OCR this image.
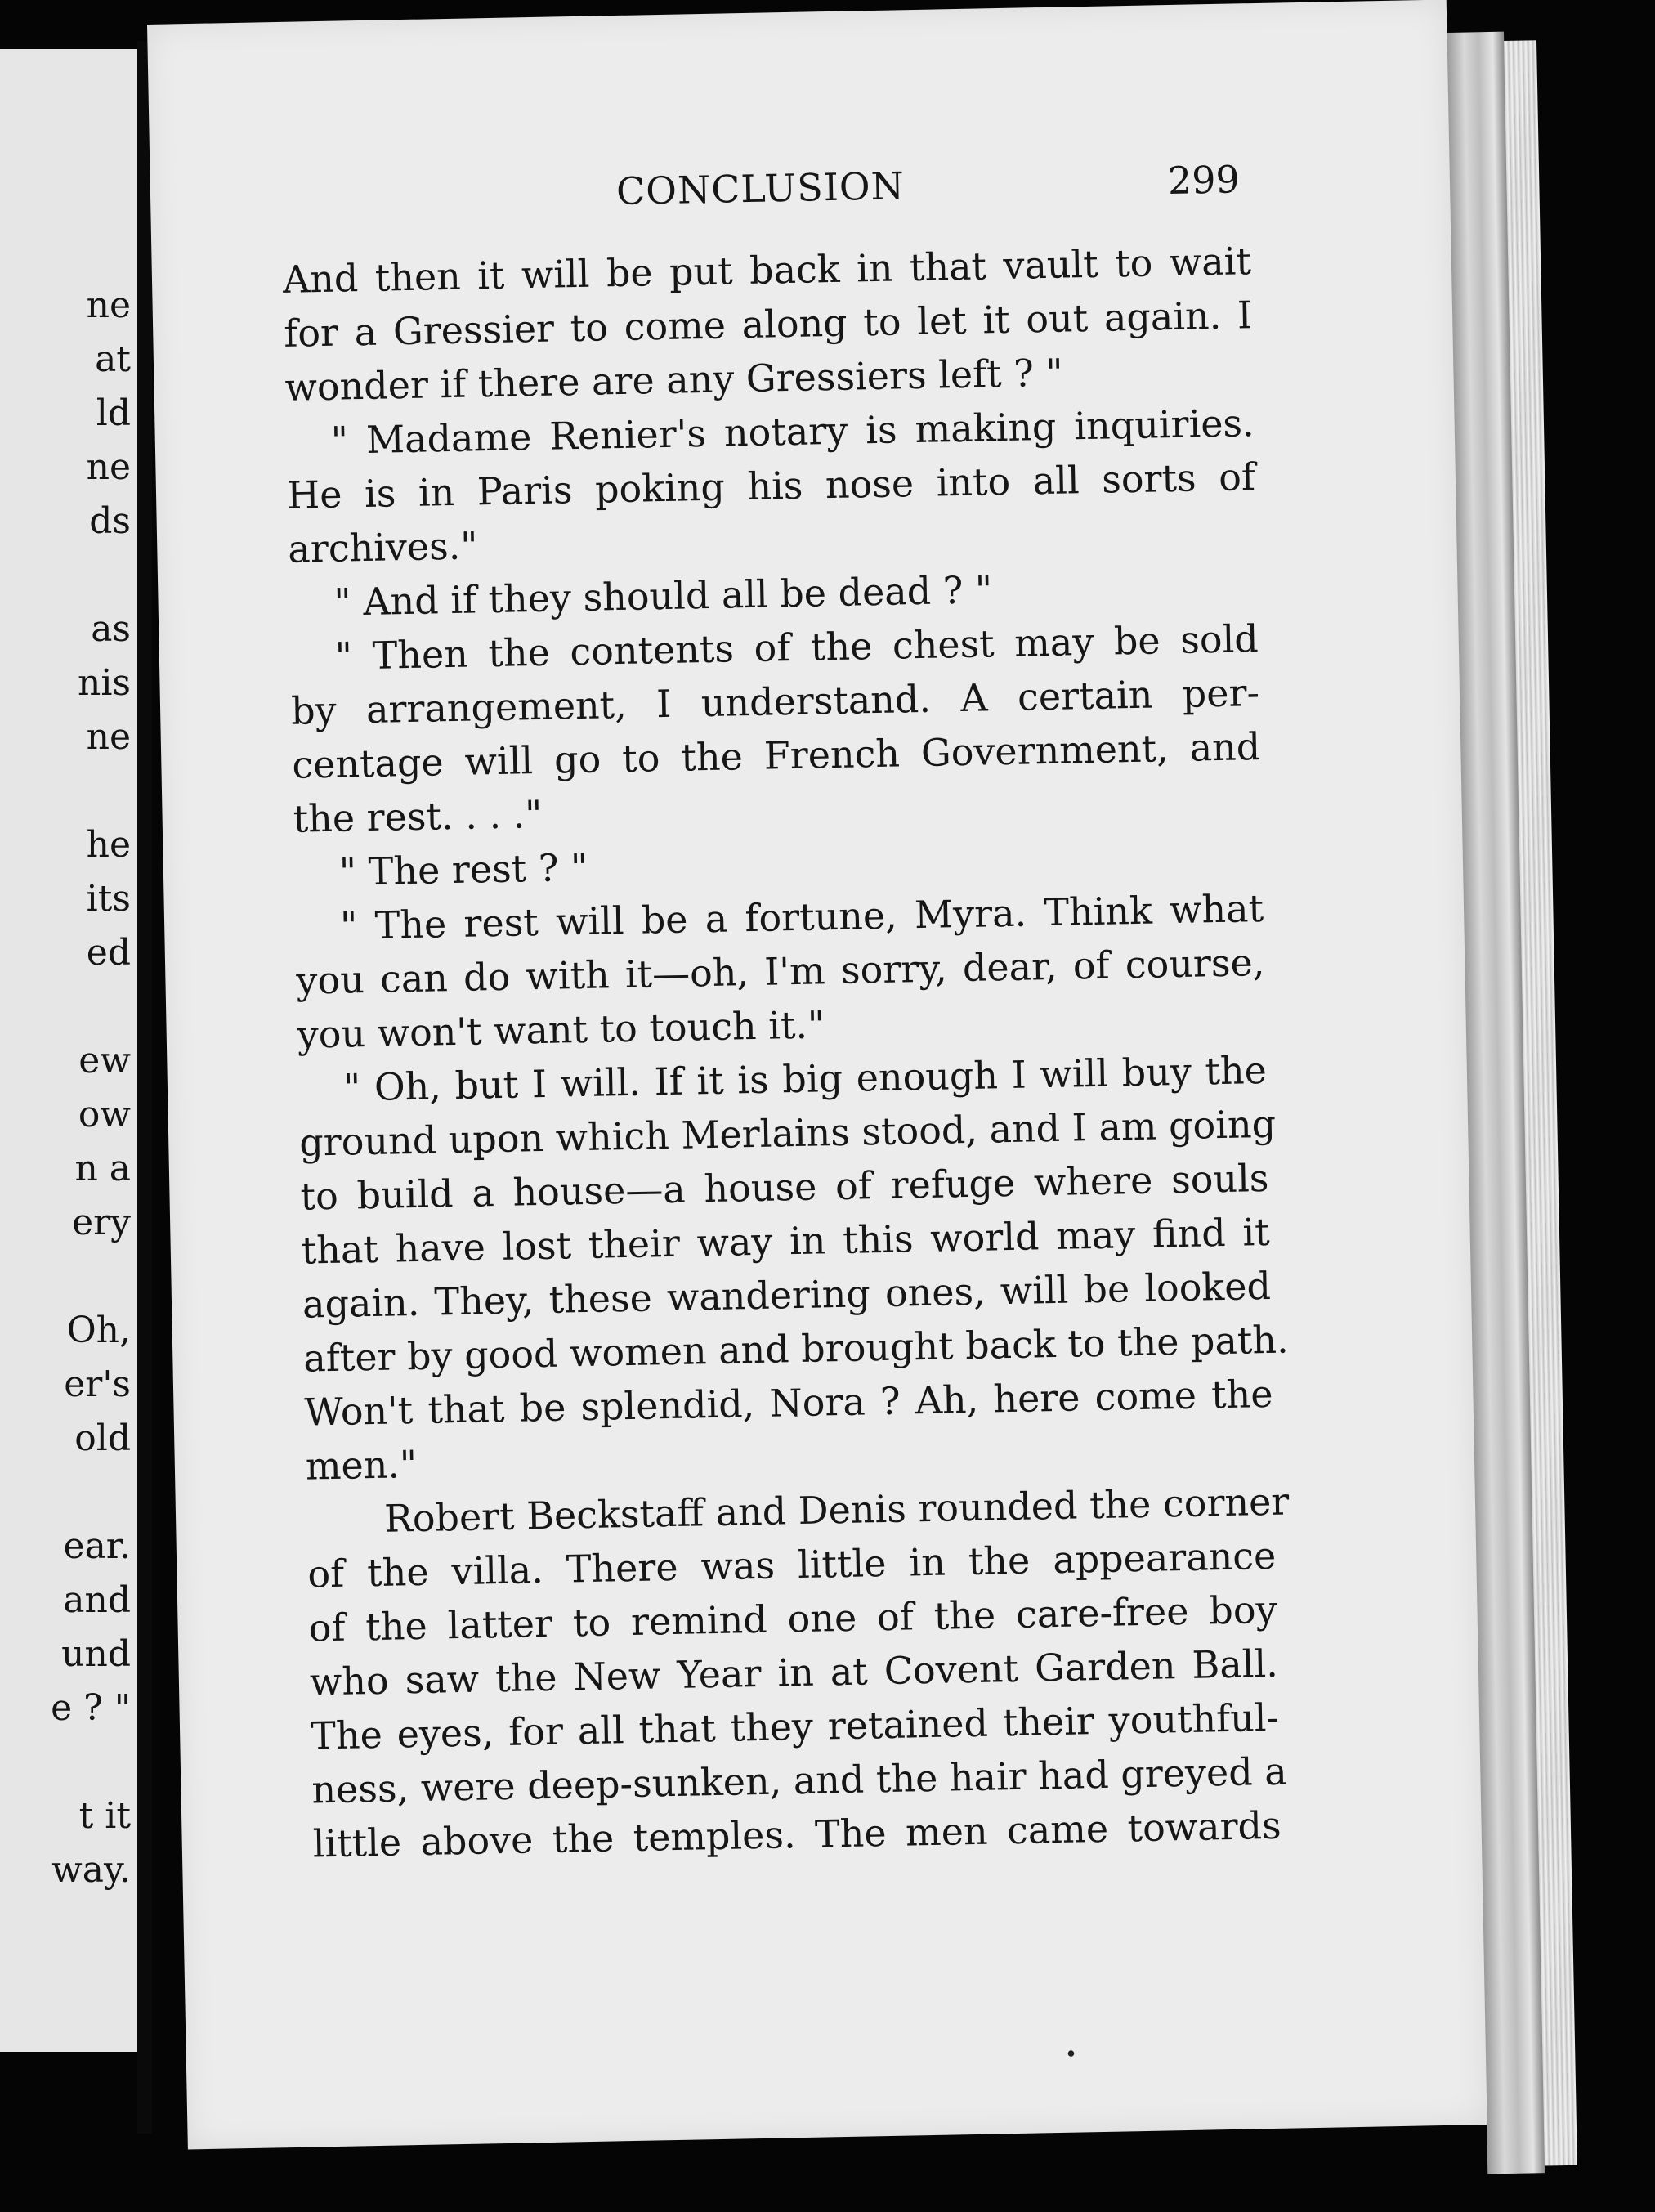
ne
at
ld
ne
ds
as
nis
ne
he
its
ed
ew
ow
n a
ery
Oh,
er's
old
ear.
and
und
e ? "
t it
way.
CONCLUSION	299
And then it will be put back in that vault to wait
for a Gressier to come along to let it out again. I
wonder if there are any Gressiers left ? "
" Madame Renier's notary is making inquiries.
He is in Paris poking his nose into all sorts of
archives."
" And if they should all be dead ? "
" Then the contents of the chest may be sold
by arrangement, I understand. A certain per-
centage will go to the French Government, and
the rest. . . ."
" The rest ? "
" The rest will be a fortune, Myra. Think what
you can do with it—oh, I'm sorry, dear, of course,
you won't want to touch it."
" Oh, but I will. If it is big enough I will buy the
ground upon which Merlains stood, and I am going
to build a house—a house of refuge where souls
that have lost their way in this world may find it
again. They, these wandering ones, will be looked
after by good women and brought back to the path.
Won't that be splendid, Nora ? Ah, here come the
men."
Robert Beckstaff and Denis rounded the corner
of the villa. There was little in the appearance
of the latter to remind one of the care-free boy
who saw the New Year in at Covent Garden Ball.
The eyes, for all that they retained their youthful-
ness, were deep-sunken, and the hair had greyed a
little above the temples. The men came towards
•
